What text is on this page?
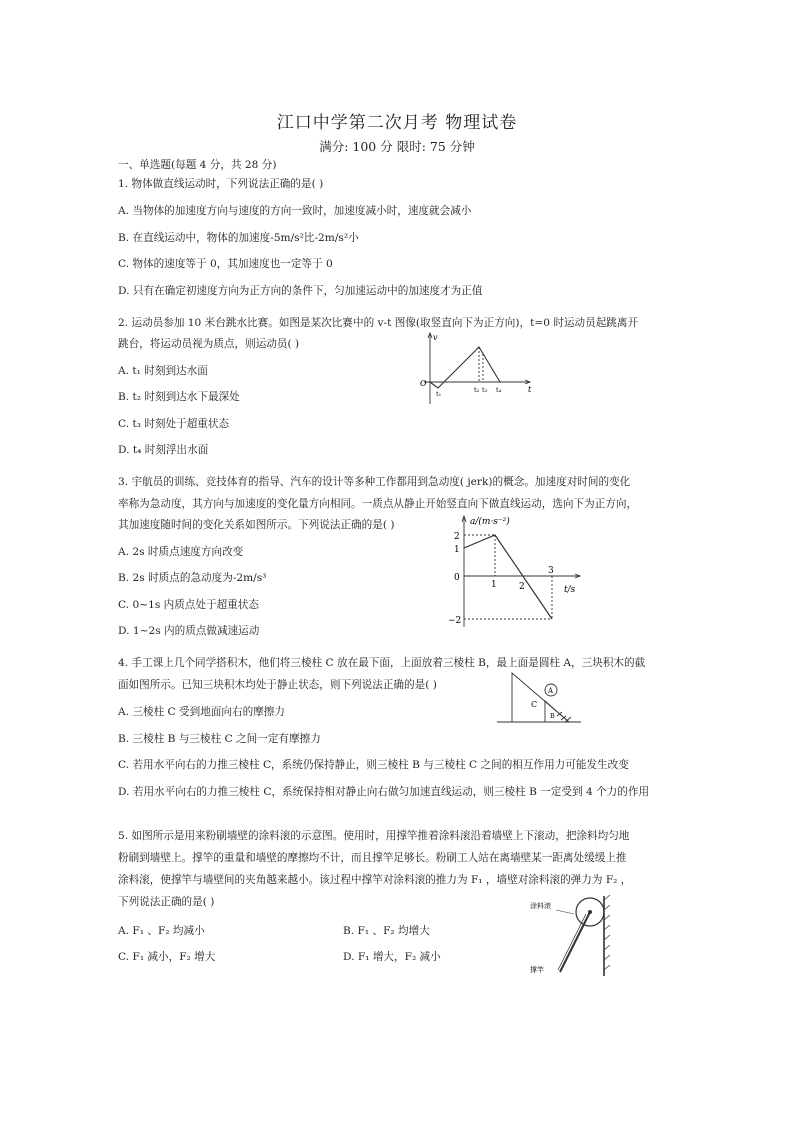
江口中学第二次月考 物理试卷
满分: 100 分 限时: 75 分钟
一、单选题(每题 4 分，共 28 分)
1. 物体做直线运动时，下列说法正确的是( )
A. 当物体的加速度方向与速度的方向一致时，加速度减小时，速度就会减小
B. 在直线运动中，物体的加速度-5m/s²比-2m/s²小
C. 物体的速度等于 0，其加速度也一定等于 0
D. 只有在确定初速度方向为正方向的条件下，匀加速运动中的加速度才为正值
2. 运动员参加 10 米台跳水比赛。如图是某次比赛中的 v-t 图像(取竖直向下为正方向)，t=0 时运动员起跳离开
跳台，将运动员视为质点，则运动员( )
A. t₁ 时刻到达水面
B. t₂ 时刻到达水下最深处
C. t₃ 时刻处于超重状态
D. t₄ 时刻浮出水面
v
t
O
t₁	t₂ t₃ t₄
3. 宇航员的训练、竞技体育的指导、汽车的设计等多种工作都用到急动度( jerk)的概念。加速度对时间的变化
率称为急动度，其方向与加速度的变化量方向相同。一质点从静止开始竖直向下做直线运动，选向下为正方向，
其加速度随时间的变化关系如图所示。下列说法正确的是( )
A. 2s 时质点速度方向改变
B. 2s 时质点的急动度为-2m/s³
C. 0~1s 内质点处于超重状态
D. 1~2s 内的质点做减速运动
a/(m·s⁻²)
t/s
2
1
0
−2
1 2
3
4. 手工课上几个同学搭积木，他们将三棱柱 C 放在最下面，上面放着三棱柱 B，最上面是圆柱 A，三块积木的截
面如图所示。已知三块积木均处于静止状态，则下列说法正确的是( )
A. 三棱柱 C 受到地面向右的摩擦力
B. 三棱柱 B 与三棱柱 C 之间一定有摩擦力
C. 若用水平向右的力推三棱柱 C，系统仍保持静止，则三棱柱 B 与三棱柱 C 之间的相互作用力可能发生改变
D. 若用水平向右的力推三棱柱 C，系统保持相对静止向右做匀加速直线运动，则三棱柱 B 一定受到 4 个力的作用
A
B
C
5. 如图所示是用来粉刷墙壁的涂料滚的示意图。使用时，用撑竿推着涂料滚沿着墙壁上下滚动，把涂料均匀地
粉刷到墙壁上。撑竿的重量和墙壁的摩擦均不计，而且撑竿足够长。粉刷工人站在离墙壁某一距离处缓缓上推
涂料滚，使撑竿与墙壁间的夹角越来越小。该过程中撑竿对涂料滚的推力为 F₁ ，墙壁对涂料滚的弹力为 F₂ ，
下列说法正确的是( )
A. F₁ 、F₂ 均减小	B. F₁ 、F₂ 均增大
C. F₁ 减小，F₂ 增大	D. F₁ 增大，F₂ 减小
涂料滚
撑竿
